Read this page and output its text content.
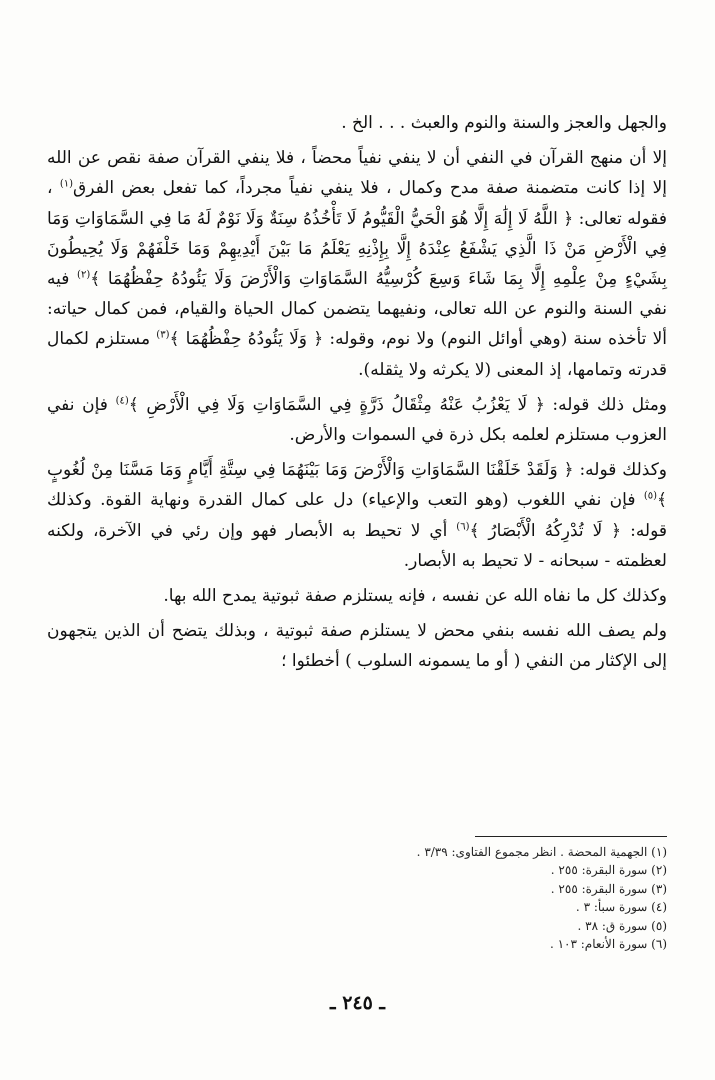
والجهل والعجز والسنة والنوم والعبث . . . الخ .

إلا أن منهج القرآن في النفي أن لا ينفي نفياً محضاً ، فلا ينفي القرآن صفة نقص عن الله إلا إذا كانت متضمنة صفة مدح وكمال ، فلا ينفي نفياً مجرداً، كما تفعل بعض الفرق$^{(١)}$ ، فقوله تعالى: ﴿ اللَّهُ لَا إِلَٰهَ إِلَّا هُوَ الْحَيُّ الْقَيُّومُ لَا تَأْخُذُهُ سِنَةٌ وَلَا نَوْمٌ لَهُ مَا فِي السَّمَاوَاتِ وَمَا فِي الْأَرْضِ مَنْ ذَا الَّذِي يَشْفَعُ عِنْدَهُ إِلَّا بِإِذْنِهِ يَعْلَمُ مَا بَيْنَ أَيْدِيهِمْ وَمَا خَلْفَهُمْ وَلَا يُحِيطُونَ بِشَيْءٍ مِنْ عِلْمِهِ إِلَّا بِمَا شَاءَ وَسِعَ كُرْسِيُّهُ السَّمَاوَاتِ وَالْأَرْضَ وَلَا يَئُودُهُ حِفْظُهُمَا ﴾$^{(٢)}$ فيه نفي السنة والنوم عن الله تعالى، ونفيهما يتضمن كمال الحياة والقيام، فمن كمال حياته: ألا تأخذه سنة (وهي أوائل النوم) ولا نوم، وقوله: ﴿ وَلَا يَئُودُهُ حِفْظُهُمَا ﴾$^{(٣)}$ مستلزم لكمال قدرته وتمامها، إذ المعنى (لا يكرثه ولا يثقله).

ومثل ذلك قوله: ﴿ لَا يَعْزُبُ عَنْهُ مِثْقَالُ ذَرَّةٍ فِي السَّمَاوَاتِ وَلَا فِي الْأَرْضِ ﴾$^{(٤)}$ فإن نفي العزوب مستلزم لعلمه بكل ذرة في السموات والأرض.

وكذلك قوله: ﴿ وَلَقَدْ خَلَقْنَا السَّمَاوَاتِ وَالْأَرْضَ وَمَا بَيْنَهُمَا فِي سِتَّةِ أَيَّامٍ وَمَا مَسَّنَا مِنْ لُغُوبٍ ﴾$^{(٥)}$ فإن نفي اللغوب (وهو التعب والإعياء) دل على كمال القدرة ونهاية القوة. وكذلك قوله: ﴿ لَا تُدْرِكُهُ الْأَبْصَارُ ﴾$^{(٦)}$ أي لا تحيط به الأبصار فهو وإن رئي في الآخرة، ولكنه لعظمته - سبحانه - لا تحيط به الأبصار.

وكذلك كل ما نفاه الله عن نفسه ، فإنه يستلزم صفة ثبوتية يمدح الله بها.

ولم يصف الله نفسه بنفي محض لا يستلزم صفة ثبوتية ، وبذلك يتضح أن الذين يتجهون إلى الإكثار من النفي ( أو ما يسمونه السلوب ) أخطئوا ؛

(١) الجهمية المحضة . انظر مجموع الفتاوى: ٣/٣٩ .
(٢) سورة البقرة: ٢٥٥ .
(٣) سورة البقرة: ٢٥٥ .
(٤) سورة سبأ: ٣ .
(٥) سورة ق: ٣٨ .
(٦) سورة الأنعام: ١٠٣ .
ـ ٢٤٥ ـ
